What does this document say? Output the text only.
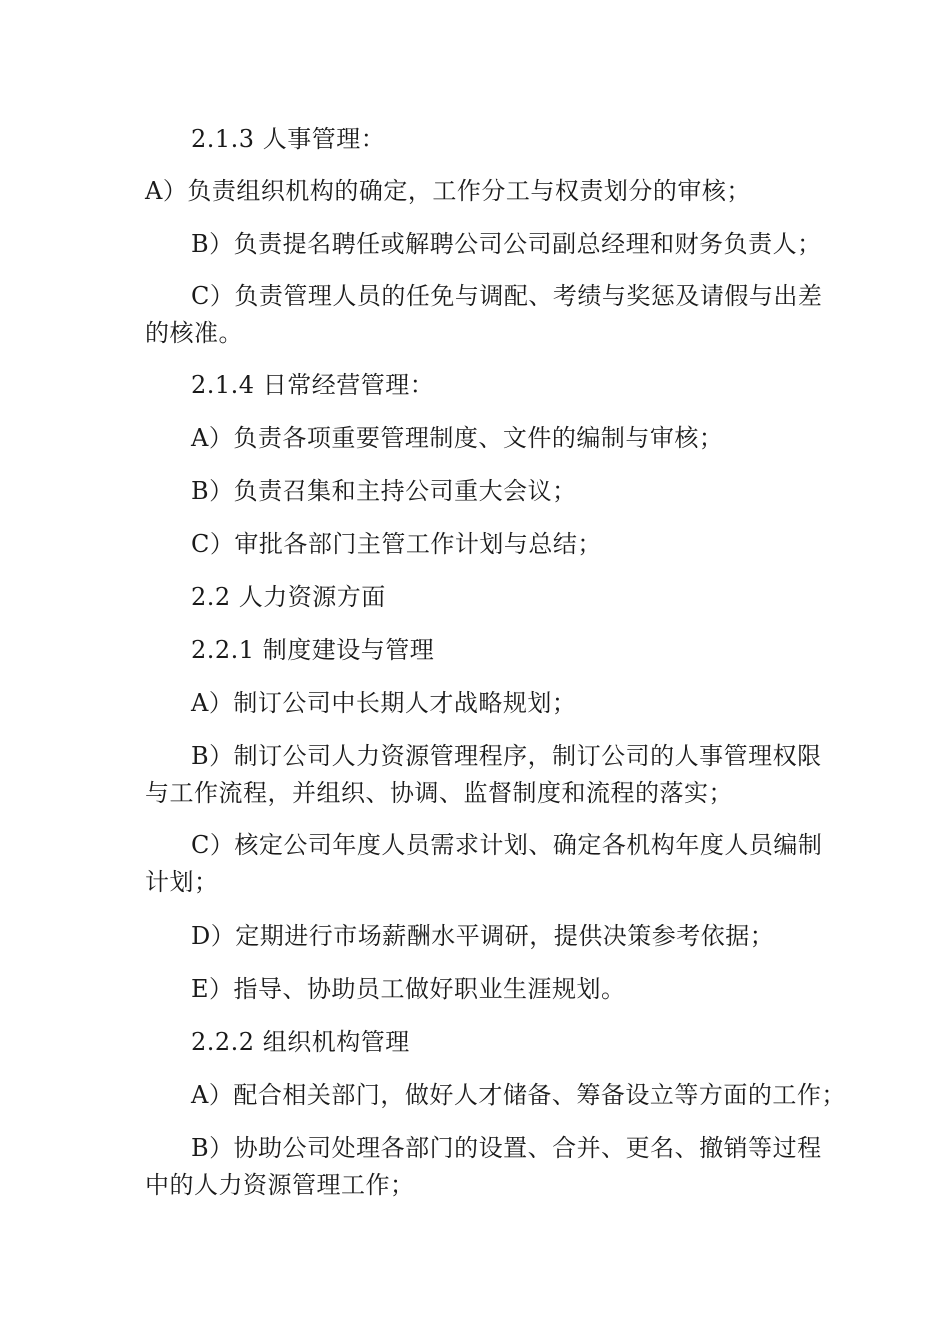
2.1.3 人事管理：
A）负责组织机构的确定，工作分工与权责划分的审核；
B）负责提名聘任或解聘公司公司副总经理和财务负责人；
C）负责管理人员的任免与调配、考绩与奖惩及请假与出差
的核准。
2.1.4 日常经营管理：
A）负责各项重要管理制度、文件的编制与审核；
B）负责召集和主持公司重大会议；
C）审批各部门主管工作计划与总结；
2.2 人力资源方面
2.2.1 制度建设与管理
A）制订公司中长期人才战略规划；
B）制订公司人力资源管理程序，制订公司的人事管理权限
与工作流程，并组织、协调、监督制度和流程的落实；
C）核定公司年度人员需求计划、确定各机构年度人员编制
计划；
D）定期进行市场薪酬水平调研，提供决策参考依据；
E）指导、协助员工做好职业生涯规划。
2.2.2 组织机构管理
A）配合相关部门，做好人才储备、筹备设立等方面的工作；
B）协助公司处理各部门的设置、合并、更名、撤销等过程
中的人力资源管理工作；
